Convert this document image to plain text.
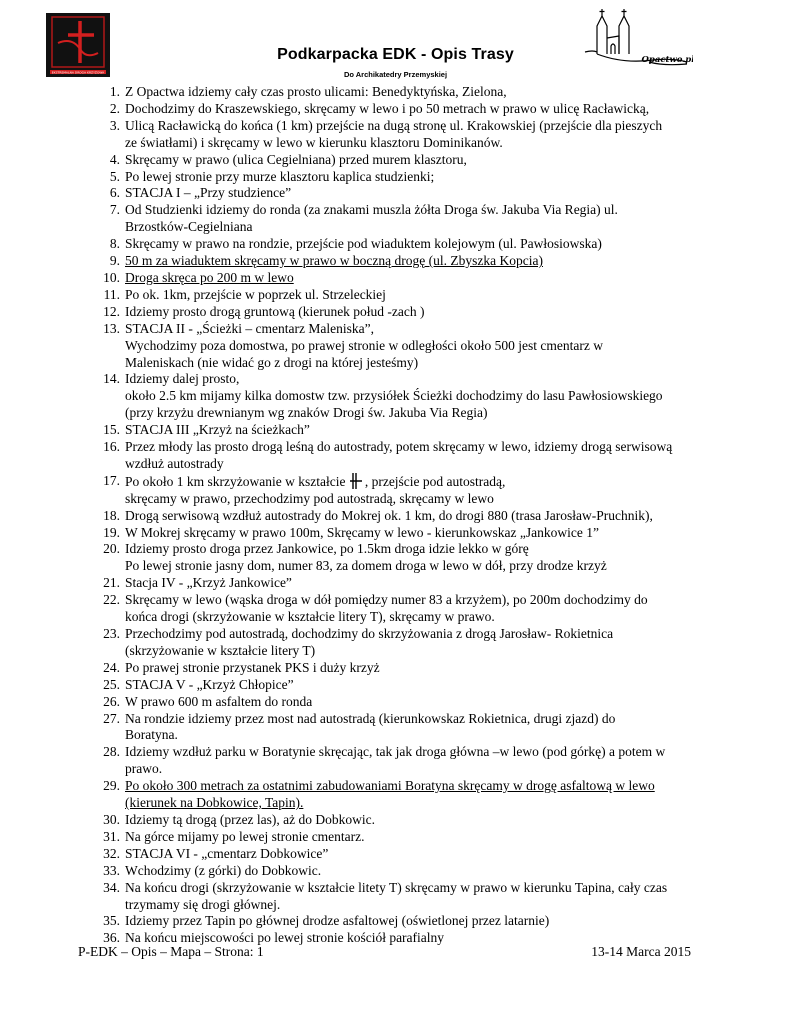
EKSTREMALNA DROGA KRZYŻOWA
Opactwo.pl
Podkarpacka EDK - Opis Trasy
Do Archikatedry Przemyskiej
1. Z Opactwa idziemy cały czas prosto ulicami: Benedyktyńska, Zielona,
2. Dochodzimy do Kraszewskiego, skręcamy w lewo i po 50 metrach w prawo w ulicę Racławicką,
3. Ulicą Racławicką do końca (1 km) przejście na dugą stronę ul. Krakowskiej (przejście dla pieszych
ze światłami) i skręcamy w lewo w kierunku klasztoru Dominikanów.
4. Skręcamy w prawo (ulica Cegielniana) przed murem klasztoru,
5. Po lewej stronie przy murze klasztoru kaplica studzienki;
6. STACJA I – „Przy studzience”
7. Od Studzienki idziemy do ronda (za znakami muszla żółta Droga św. Jakuba Via Regia) ul.
Brzostków-Cegielniana
8. Skręcamy w prawo na rondzie, przejście pod wiaduktem kolejowym (ul. Pawłosiowska)
9. 50 m za wiaduktem skręcamy w prawo w boczną drogę (ul. Zbyszka Kopcia)
10. Droga skręca po 200 m w lewo
11. Po ok. 1km, przejście w poprzek ul. Strzeleckiej
12. Idziemy prosto drogą gruntową (kierunek połud -zach )
13. STACJA II - „Ścieżki – cmentarz Maleniska”,
Wychodzimy poza domostwa, po prawej stronie w odległości około 500 jest cmentarz w
Maleniskach (nie widać go z drogi na której jesteśmy)
14. Idziemy dalej prosto,
około 2.5 km mijamy kilka domostw tzw. przysiółek Ścieżki dochodzimy do lasu Pawłosiowskiego
(przy krzyżu drewnianym wg znaków Drogi św. Jakuba Via Regia)
15. STACJA III „Krzyż na ścieżkach”
16. Przez młody las prosto drogą leśną do autostrady, potem skręcamy w lewo, idziemy drogą serwisową
wzdłuż autostrady
17. Po około 1 km skrzyżowanie w kształcie , przejście pod autostradą,
skręcamy w prawo, przechodzimy pod autostradą, skręcamy w lewo
18. Drogą serwisową wzdłuż autostrady do Mokrej ok. 1 km, do drogi 880 (trasa Jarosław-Pruchnik),
19. W Mokrej skręcamy w prawo 100m, Skręcamy w lewo - kierunkowskaz „Jankowice 1”
20. Idziemy prosto droga przez Jankowice, po 1.5km droga idzie lekko w górę
Po lewej stronie jasny dom, numer 83, za domem droga w lewo w dół, przy drodze krzyż
21. Stacja IV - „Krzyż Jankowice”
22. Skręcamy w lewo (wąska droga w dół pomiędzy numer 83 a krzyżem), po 200m dochodzimy do
końca drogi (skrzyżowanie w kształcie litery T), skręcamy w prawo.
23. Przechodzimy pod autostradą, dochodzimy do skrzyżowania z drogą Jarosław- Rokietnica
(skrzyżowanie w kształcie litery T)
24. Po prawej stronie przystanek PKS i duży krzyż
25. STACJA V - „Krzyż Chłopice”
26. W prawo 600 m asfaltem do ronda
27. Na rondzie idziemy przez most nad autostradą (kierunkowskaz Rokietnica, drugi zjazd) do
Boratyna.
28. Idziemy wzdłuż parku w Boratynie skręcając, tak jak droga główna –w lewo (pod górkę) a potem w
prawo.
29. Po około 300 metrach za ostatnimi zabudowaniami Boratyna skręcamy w drogę asfaltową w lewo
(kierunek na Dobkowice, Tapin).
30. Idziemy tą drogą (przez las), aż do Dobkowic.
31. Na górce mijamy po lewej stronie cmentarz.
32. STACJA VI - „cmentarz Dobkowice”
33. Wchodzimy (z górki) do Dobkowic.
34. Na końcu drogi (skrzyżowanie w kształcie litety T) skręcamy w prawo w kierunku Tapina, cały czas
trzymamy się drogi głównej.
35. Idziemy przez Tapin po głównej drodze asfaltowej (oświetlonej przez latarnie)
36. Na końcu miejscowości po lewej stronie kościół parafialny
P-EDK – Opis – Mapa – Strona: 1	13-14 Marca 2015
